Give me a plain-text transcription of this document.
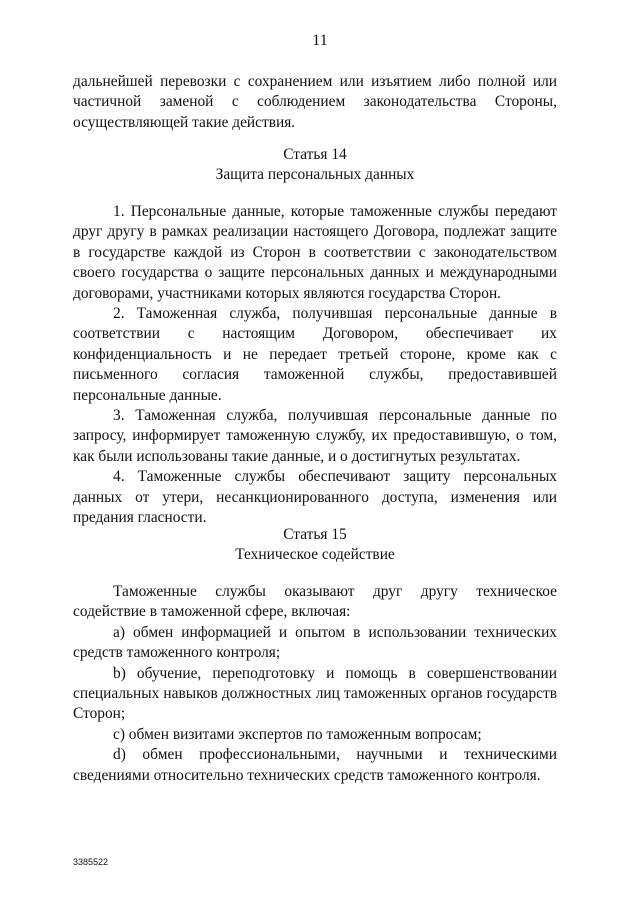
11

дальнейшей перевозки с сохранением или изъятием либо полной или частичной заменой с соблюдением законодательства Стороны, осуществляющей такие действия.

Статья 14

Защита персональных данных

1. Персональные данные, которые таможенные службы передают друг другу в рамках реализации настоящего Договора, подлежат защите в государстве каждой из Сторон в соответствии с законодательством своего государства о защите персональных данных и международными договорами, участниками которых являются государства Сторон.

2. Таможенная служба, получившая персональные данные в соответствии с настоящим Договором, обеспечивает их конфиденциальность и не передает третьей стороне, кроме как с письменного согласия таможенной службы, предоставившей персональные данные.

3. Таможенная служба, получившая персональные данные по запросу, информирует таможенную службу, их предоставившую, о том, как были использованы такие данные, и о достигнутых результатах.

4. Таможенные службы обеспечивают защиту персональных данных от утери, несанкционированного доступа, изменения или предания гласности.

Статья 15

Техническое содействие

Таможенные службы оказывают друг другу техническое содействие в таможенной сфере, включая:

a) обмен информацией и опытом в использовании технических средств таможенного контроля;

b) обучение, переподготовку и помощь в совершенствовании специальных навыков должностных лиц таможенных органов государств Сторон;

c) обмен визитами экспертов по таможенным вопросам;

d) обмен профессиональными, научными и техническими сведениями относительно технических средств таможенного контроля.

3385522
